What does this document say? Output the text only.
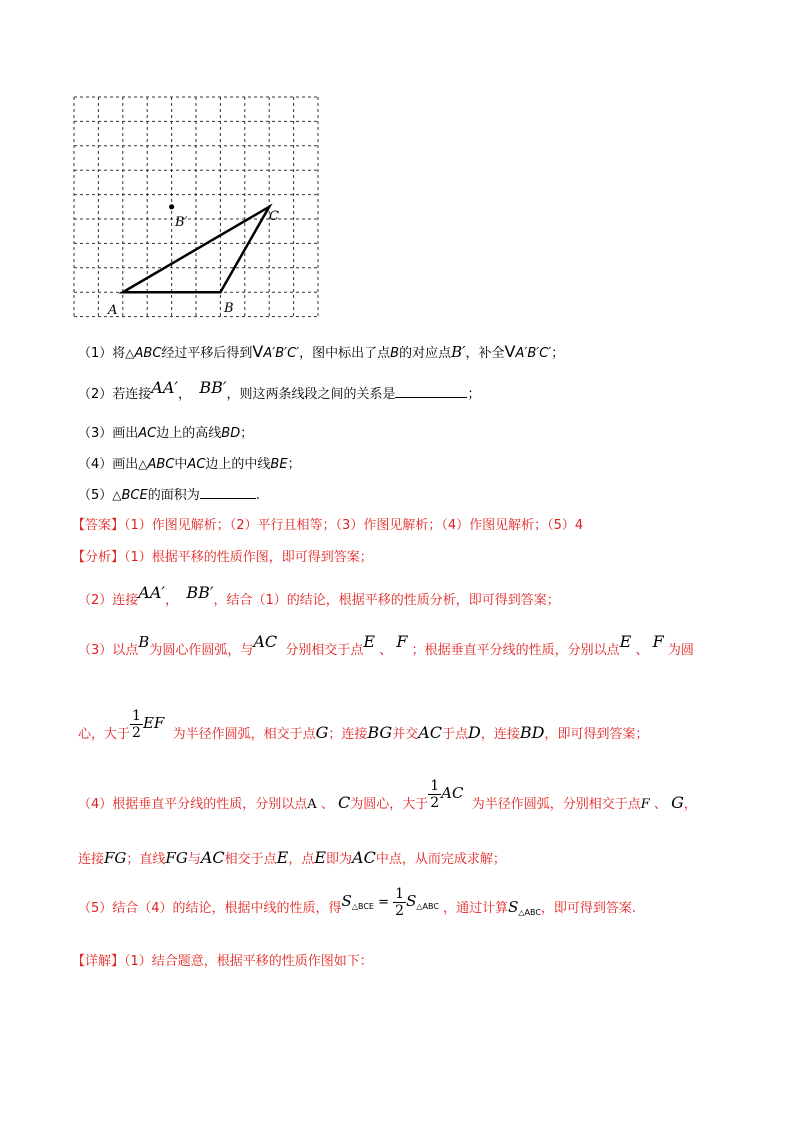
A	B
C
B′
（1）将△ABC经过平移后得到VA′B′C′，图中标出了点B的对应点B′，补全VA′B′C′；
（2）若连接AA′， BB′，则这两条线段之间的关系是	；
（3）画出AC边上的高线BD；
（4）画出△ABC中AC边上的中线BE；
（5）△BCE的面积为	.
【答案】（1）作图见解析；（2）平行且相等；（3）作图见解析；（4）作图见解析；（5）4
【分析】（1）根据平移的性质作图，即可得到答案；
（2）连接AA′， BB′，结合（1）的结论，根据平移的性质分析，即可得到答案；
（3）以点B为圆心作圆弧，与AC 分别相交于点E 、 F ；根据垂直平分线的性质，分别以点E 、 F 为圆
心，大于 $\frac{1}{2}$ EF  为半径作圆弧，相交于点G；连接BG并交AC于点D，连接BD，即可得到答案；
（4）根据垂直平分线的性质，分别以点A 、 C为圆心，大于 $\frac{1}{2}$ AC  为半径作圆弧，分别相交于点F 、 G，
连接FG；直线FG与AC相交于点E，点E即为AC中点，从而完成求解；
（5）结合（4）的结论，根据中线的性质，得$S_{\triangle BCE} = \frac{1}{2} S_{\triangle ABC}$ ，通过计算$S_{\triangle ABC}$，即可得到答案.
【详解】（1）结合题意，根据平移的性质作图如下：
